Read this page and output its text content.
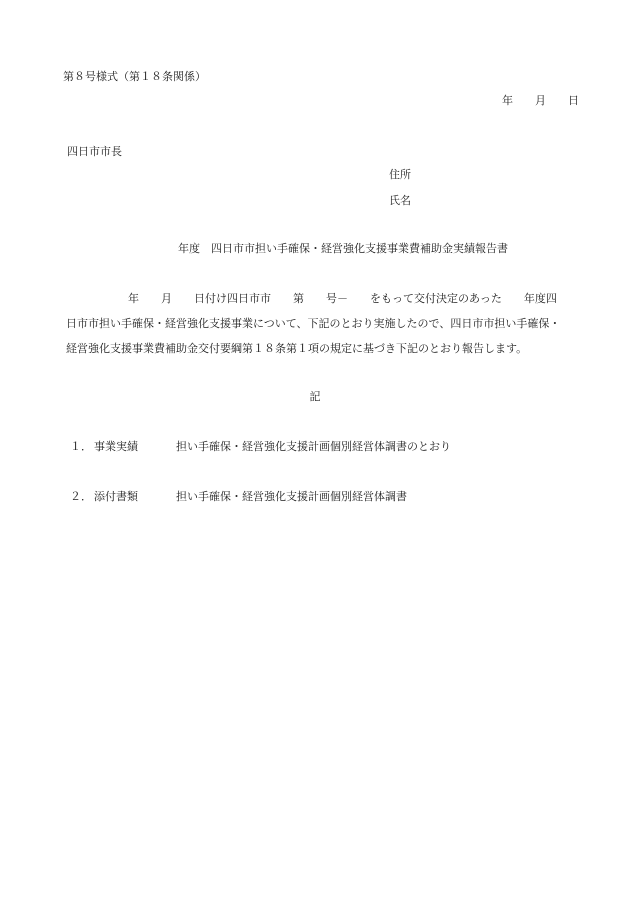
第８号様式（第１８条関係）
年　　月　　日
四日市市長
住所
氏名
年度　四日市市担い手確保・経営強化支援事業費補助金実績報告書
年　　月　　日付け四日市市　　第　　号－　　をもって交付決定のあった　　年度四
日市市担い手確保・経営強化支援事業について、下記のとおり実施したので、四日市市担い手確保・
経営強化支援事業費補助金交付要綱第１８条第１項の規定に基づき下記のとおり報告します。
記
１． 事業実績	担い手確保・経営強化支援計画個別経営体調書のとおり
２． 添付書類	担い手確保・経営強化支援計画個別経営体調書
